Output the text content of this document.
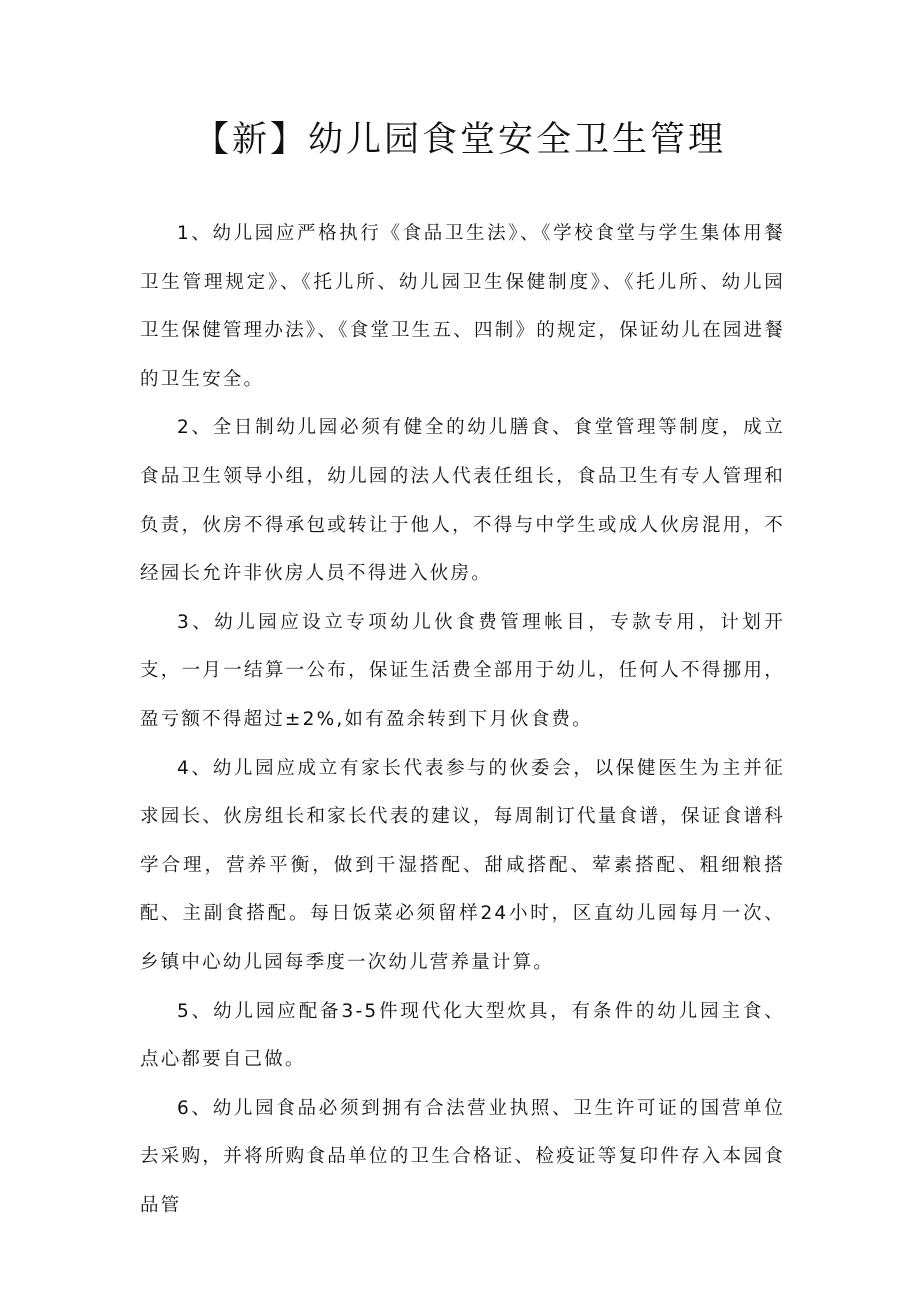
【新】幼儿园食堂安全卫生管理

1、幼儿园应严格执行《食品卫生法》、《学校食堂与学生集体用餐卫生管理规定》、《托儿所、幼儿园卫生保健制度》、《托儿所、幼儿园卫生保健管理办法》、《食堂卫生五、四制》的规定，保证幼儿在园进餐的卫生安全。

2、全日制幼儿园必须有健全的幼儿膳食、食堂管理等制度，成立食品卫生领导小组，幼儿园的法人代表任组长，食品卫生有专人管理和负责，伙房不得承包或转让于他人，不得与中学生或成人伙房混用，不经园长允许非伙房人员不得进入伙房。

3、幼儿园应设立专项幼儿伙食费管理帐目，专款专用，计划开支，一月一结算一公布，保证生活费全部用于幼儿，任何人不得挪用，盈亏额不得超过±2%,如有盈余转到下月伙食费。

4、幼儿园应成立有家长代表参与的伙委会，以保健医生为主并征求园长、伙房组长和家长代表的建议，每周制订代量食谱，保证食谱科学合理，营养平衡，做到干湿搭配、甜咸搭配、荤素搭配、粗细粮搭配、主副食搭配。每日饭菜必须留样24小时，区直幼儿园每月一次、乡镇中心幼儿园每季度一次幼儿营养量计算。

5、幼儿园应配备3-5件现代化大型炊具，有条件的幼儿园主食、点心都要自己做。

6、幼儿园食品必须到拥有合法营业执照、卫生许可证的国营单位去采购，并将所购食品单位的卫生合格证、检疫证等复印件存入本园食品管
